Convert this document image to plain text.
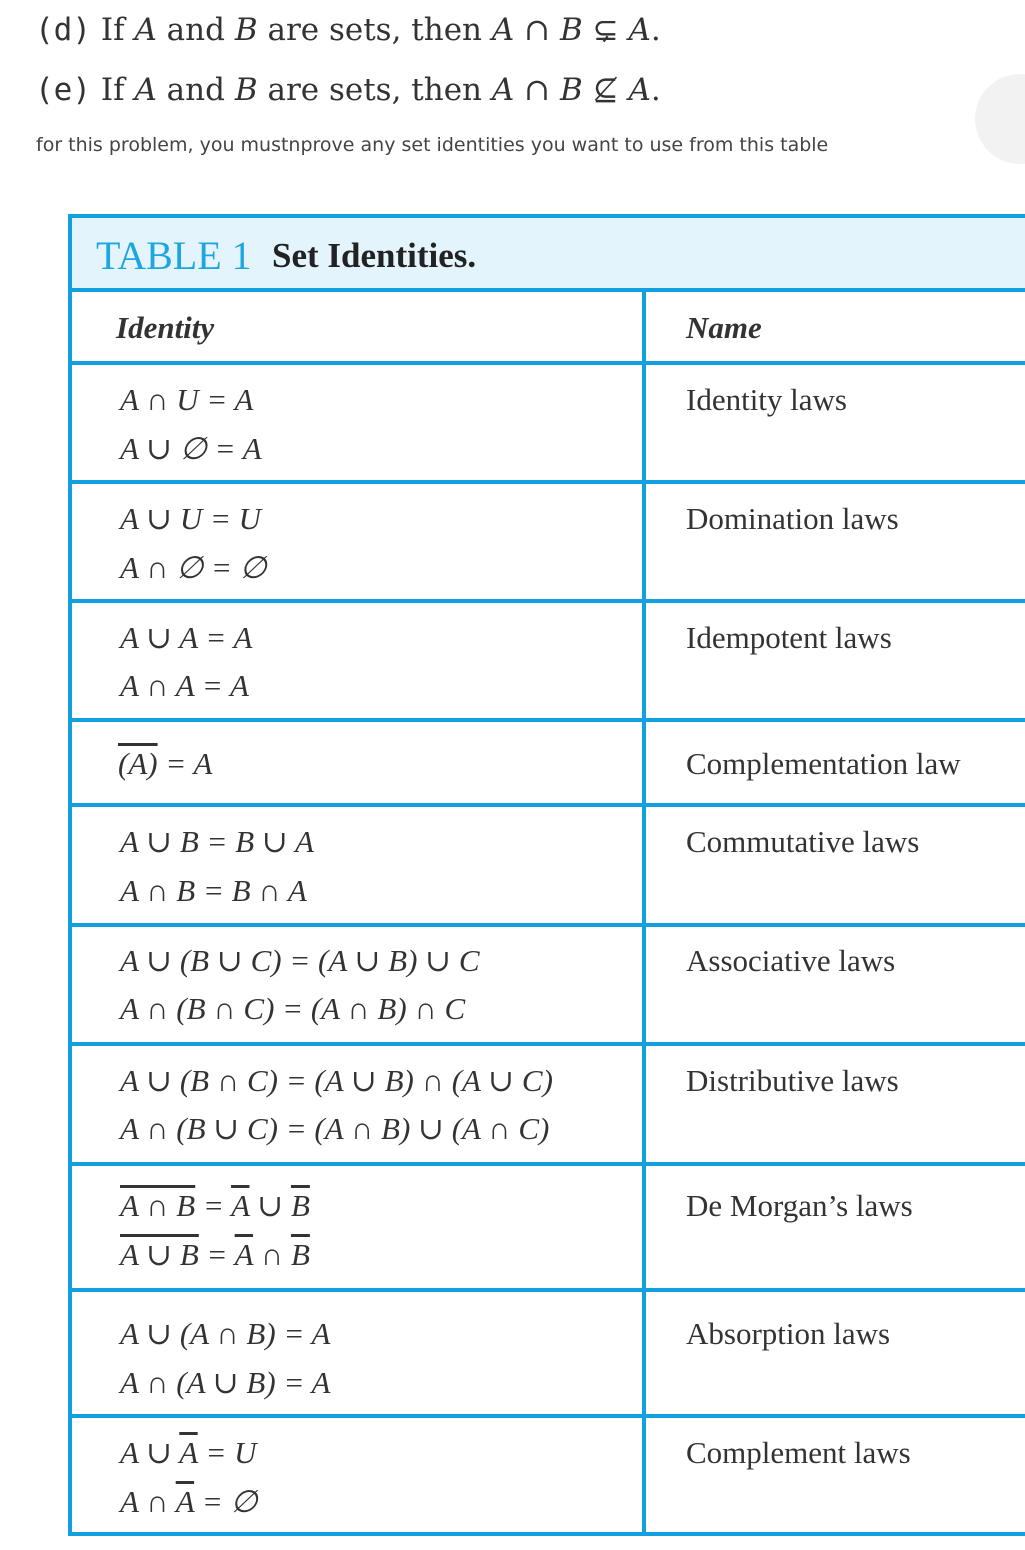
(d) If A and B are sets, then A ∩ B ⊊ A.

(e) If A and B are sets, then A ∩ B ⊈ A.

for this problem, you mustnprove any set identities you want to use from this table

TABLE 1 Set Identities.
Identity	Name
A ∩ U = A
A ∪ ∅ = A
Identity laws
A ∪ U = U
A ∩ ∅ = ∅
Domination laws
A ∪ A = A
A ∩ A = A
Idempotent laws
(A) = A	Complementation law
A ∪ B = B ∪ A
A ∩ B = B ∩ A
Commutative laws
A ∪ (B ∪ C) = (A ∪ B) ∪ C
A ∩ (B ∩ C) = (A ∩ B) ∩ C
Associative laws
A ∪ (B ∩ C) = (A ∪ B) ∩ (A ∪ C)
A ∩ (B ∪ C) = (A ∩ B) ∪ (A ∩ C)
Distributive laws
A ∩ $B = \overline{A}$ ∪ $\overline{B}$
A ∪ $B = \overline{A}$ ∩ $\overline{B}$
De Morgan’s laws
A ∪ (A ∩ B) = A
A ∩ (A ∪ B) = A
Absorption laws
A ∪ $\overline{A} = U$
A ∩ $\overline{A}$ = ∅
Complement laws
